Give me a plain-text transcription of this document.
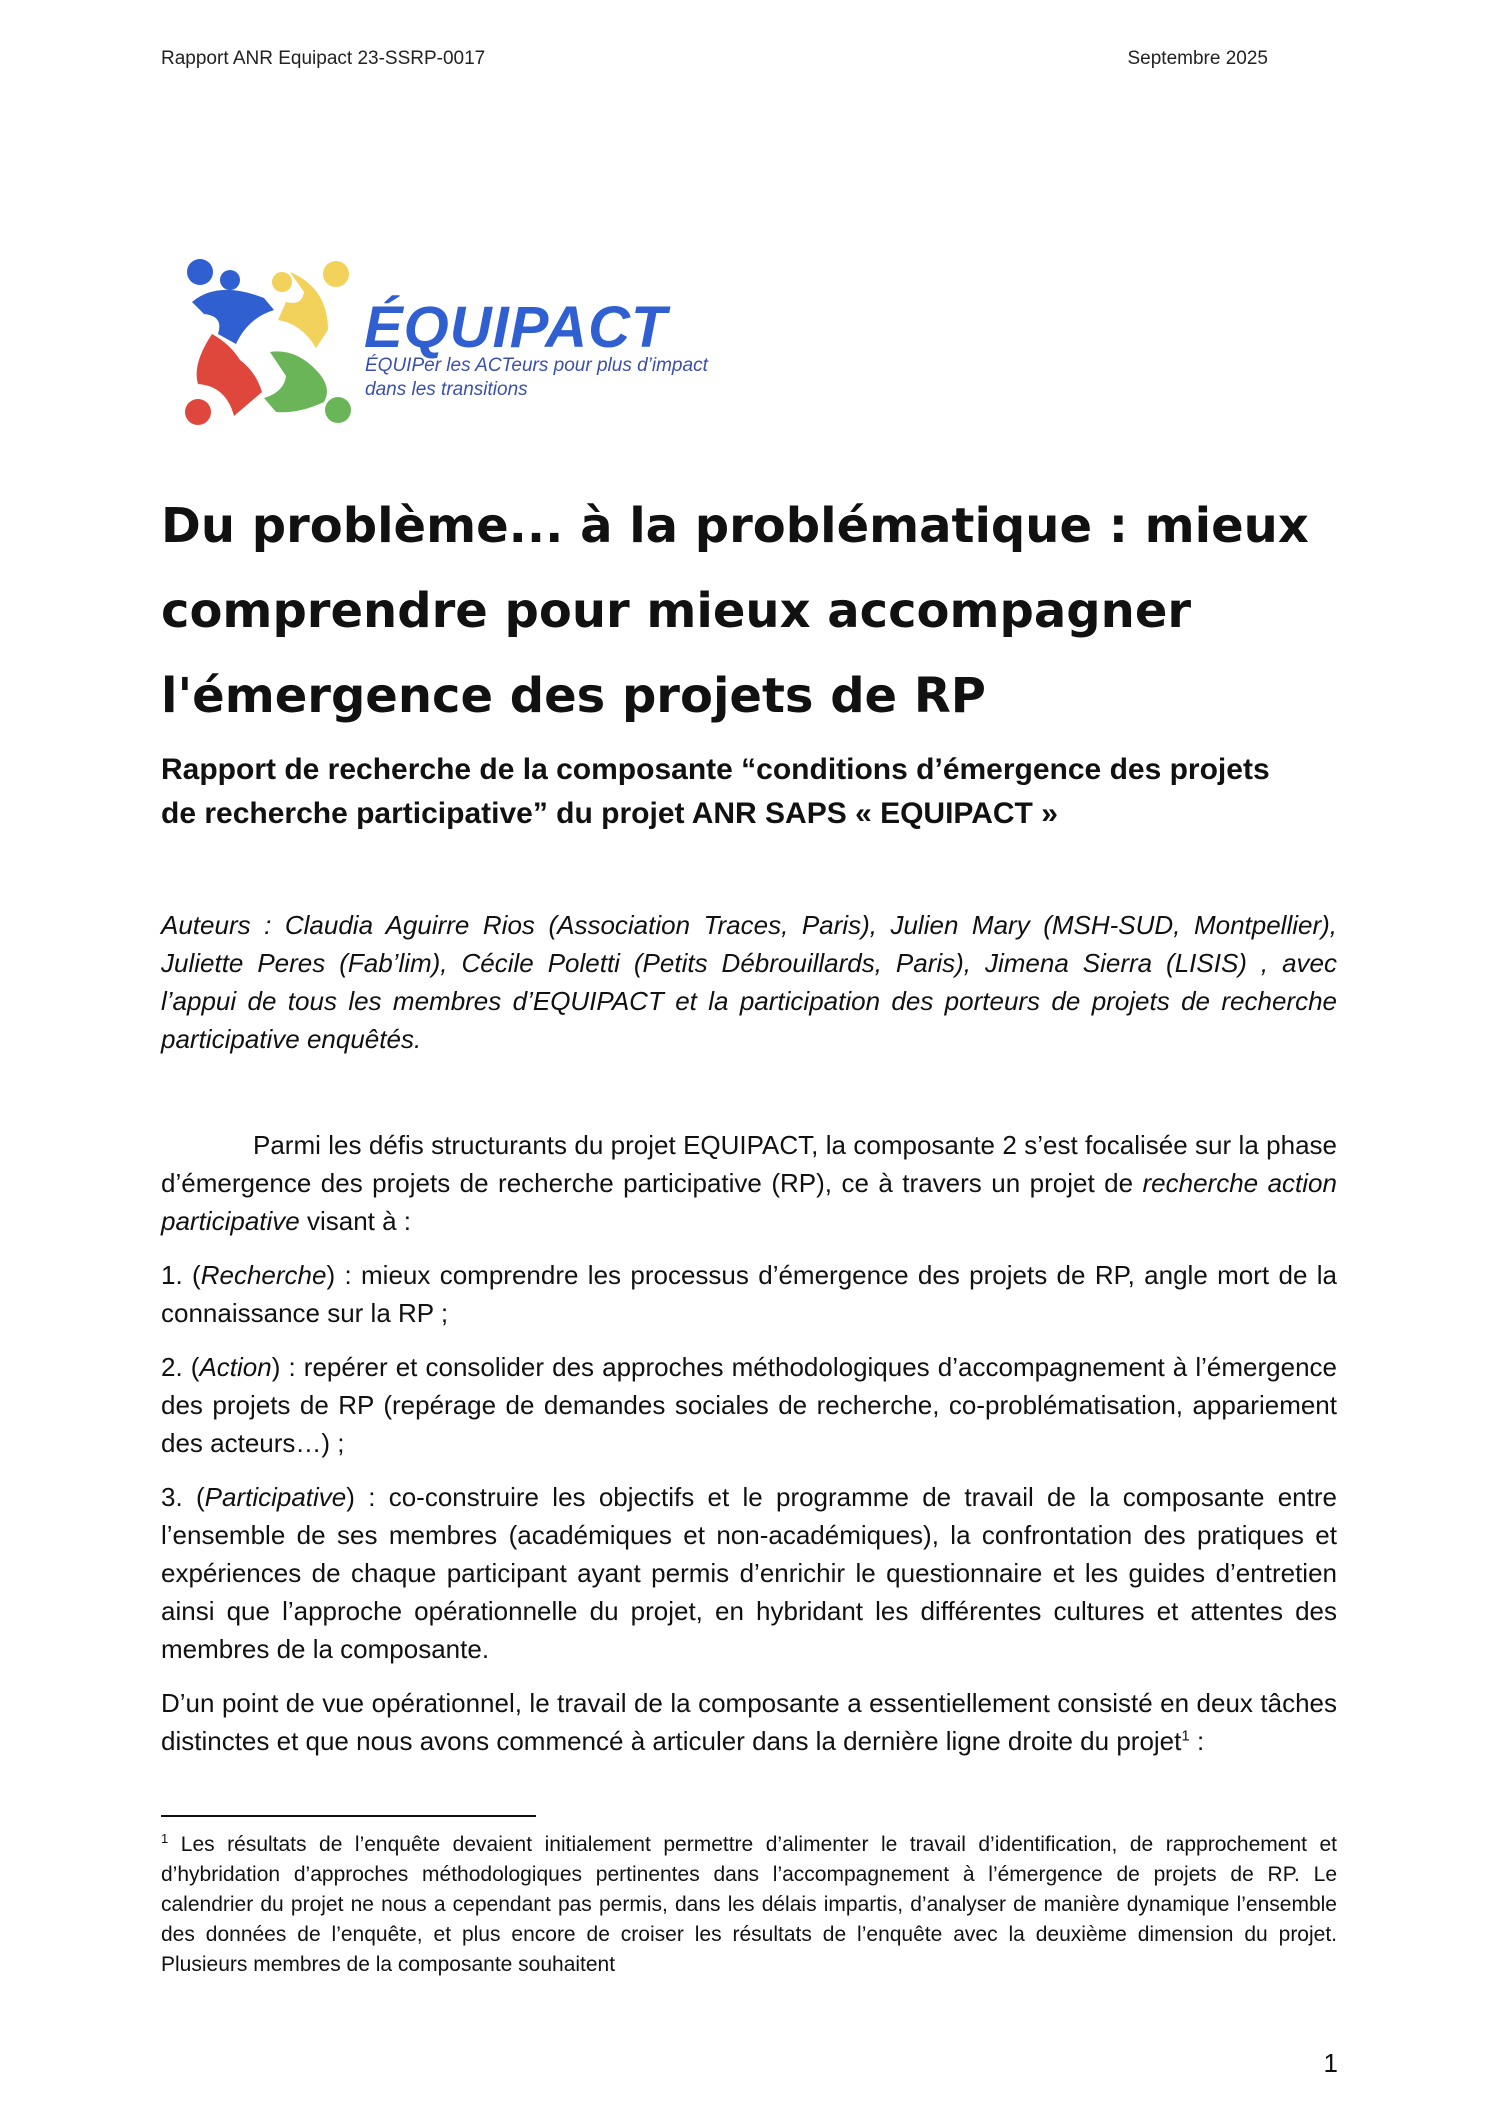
Rapport ANR Equipact 23-SSRP-0017	Septembre 2025
ÉQUIPACT
ÉQUIPer les ACTeurs pour plus d’impact
dans les transitions
Du problème... à la problématique : mieux
comprendre pour mieux accompagner
l'émergence des projets de RP
Rapport de recherche de la composante “conditions d’émergence des projets
de recherche participative” du projet ANR SAPS « EQUIPACT »

Auteurs : Claudia Aguirre Rios (Association Traces, Paris), Julien Mary (MSH-SUD, Montpellier), Juliette Peres (Fab’lim), Cécile Poletti (Petits Débrouillards, Paris), Jimena Sierra (LISIS) , avec l’appui de tous les membres d’EQUIPACT et la participation des porteurs de projets de recherche participative enquêtés.

Parmi les défis structurants du projet EQUIPACT, la composante 2 s’est focalisée sur la phase d’émergence des projets de recherche participative (RP), ce à travers un projet de recherche action participative visant à :

1. (Recherche) : mieux comprendre les processus d’émergence des projets de RP, angle mort de la connaissance sur la RP ;

2. (Action) : repérer et consolider des approches méthodologiques d’accompagnement à l’émergence des projets de RP (repérage de demandes sociales de recherche, co-problématisation, appariement des acteurs…) ;

3. (Participative) : co-construire les objectifs et le programme de travail de la composante entre l’ensemble de ses membres (académiques et non-académiques), la confrontation des pratiques et expériences de chaque participant ayant permis d’enrichir le questionnaire et les guides d’entretien ainsi que l’approche opérationnelle du projet, en hybridant les différentes cultures et attentes des membres de la composante.

D’un point de vue opérationnel, le travail de la composante a essentiellement consisté en deux tâches distinctes et que nous avons commencé à articuler dans la dernière ligne droite du projet$^1$ :

$^1$ Les résultats de l’enquête devaient initialement permettre d’alimenter le travail d’identification, de rapprochement et d’hybridation d’approches méthodologiques pertinentes dans l’accompagnement à l’émergence de projets de RP. Le calendrier du projet ne nous a cependant pas permis, dans les délais impartis, d’analyser de manière dynamique l’ensemble des données de l’enquête, et plus encore de croiser les résultats de l’enquête avec la deuxième dimension du projet. Plusieurs membres de la composante souhaitent

1
